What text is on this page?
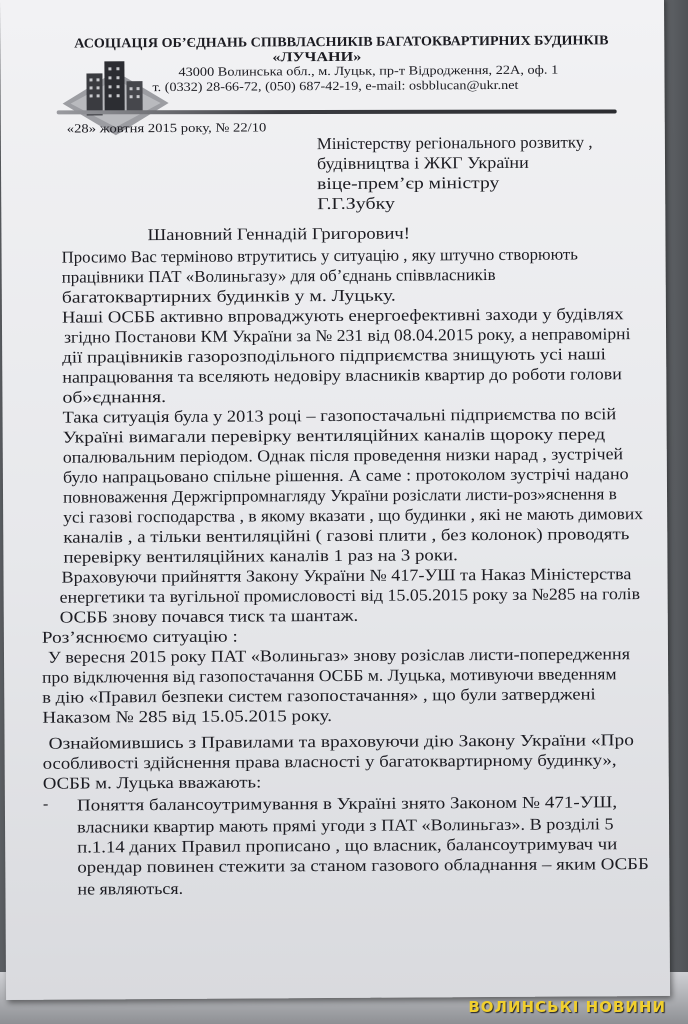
АСОЦІАЦІЯ ОБ’ЄДНАНЬ СПІВВЛАСНИКІВ БАГАТОКВАРТИРНИХ БУДИНКІВ
«ЛУЧАНИ»
43000 Волинська обл., м. Луцьк, пр-т Відродження, 22А, оф. 1
т. (0332) 28-66-72, (050) 687-42-19, e-mail: osbblucan@ukr.net
«28» жовтня 2015 року, № 22/10
Міністерству регіонального розвитку ,
будівництва і ЖКГ України
віце-прем’єр міністру
Г.Г.Зубку
Шановний Геннадій Григорович!
Просимо Вас терміново втрутитись у ситуацію , яку штучно створюють
працівники ПАТ «Волиньгазу» для об’єднань співвласників
багатоквартирних будинків у м. Луцьку.
Наші ОСББ активно впроваджують енергоефективні заходи у будівлях
згідно Постанови КМ України за № 231 від 08.04.2015 року, а неправомірні
дії працівників газорозподільного підприємства знищують усі наші
напрацювання та вселяють недовіру власників квартир до роботи голови
об»єднання.
Така ситуація була у 2013 році – газопостачальні підприємства по всій
Україні вимагали перевірку вентиляційних каналів щороку перед
опалювальним періодом. Однак після проведення низки нарад , зустрічей
було напрацьовано спільне рішення. А саме : протоколом зустрічі надано
повноваження Держгірпромнагляду України розіслати листи-роз»яснення в
усі газові господарства , в якому вказати , що будинки , які не мають димових
каналів , а тільки вентиляційні ( газові плити , без колонок) проводять
перевірку вентиляційних каналів 1 раз на 3 роки.
Враховуючи прийняття Закону України № 417-УШ та Наказ Міністерства
енергетики та вугільної промисловості від 15.05.2015 року за №285 на голів
ОСББ знову почався тиск та шантаж.
Роз’яснюємо ситуацію :
У вересня 2015 року ПАТ «Волиньгаз» знову розіслав листи-попередження
про відключення від газопостачання ОСББ м. Луцька, мотивуючи введенням
в дію «Правил безпеки систем газопостачання» , що були затверджені
Наказом № 285 від 15.05.2015 року.
Ознайомившись з Правилами та враховуючи дію Закону України «Про
особливості здійснення права власності у багатоквартирному будинку»,
ОСББ м. Луцька вважають:
Поняття балансоутримування в Україні знято Законом № 471-УШ,
власники квартир мають прямі угоди з ПАТ «Волиньгаз». В розділі 5
п.1.14 даних Правил прописано , що власник, балансоутримувач чи
орендар повинен стежити за станом газового обладнання – яким ОСББ
не являються.
-
ВОЛИНСЬКІ НОВИНИ
